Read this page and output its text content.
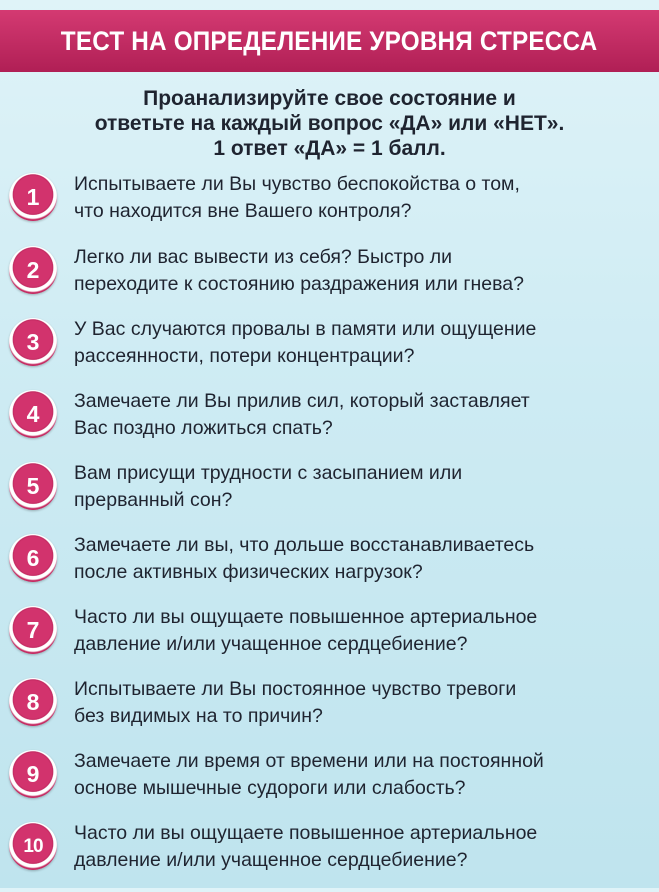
ТЕСТ НА ОПРЕДЕЛЕНИЕ УРОВНЯ СТРЕССА
Проанализируйте свое состояние и
ответьте на каждый вопрос «ДА» или «НЕТ».
1 ответ «ДА» = 1 балл.
1 Испытываете ли Вы чувство беспокойства о том,
что находится вне Вашего контроля?
2 Легко ли вас вывести из себя? Быстро ли
переходите к состоянию раздражения или гнева?
3 У Вас случаются провалы в памяти или ощущение
рассеянности, потери концентрации?
4 Замечаете ли Вы прилив сил, который заставляет
Вас поздно ложиться спать?
5 Вам присущи трудности с засыпанием или
прерванный сон?
6 Замечаете ли вы, что дольше восстанавливаетесь
после активных физических нагрузок?
7 Часто ли вы ощущаете повышенное артериальное
давление и/или учащенное сердцебиение?
8 Испытываете ли Вы постоянное чувство тревоги
без видимых на то причин?
9 Замечаете ли время от времени или на постоянной
основе мышечные судороги или слабость?
10
Часто ли вы ощущаете повышенное артериальное
давление и/или учащенное сердцебиение?
